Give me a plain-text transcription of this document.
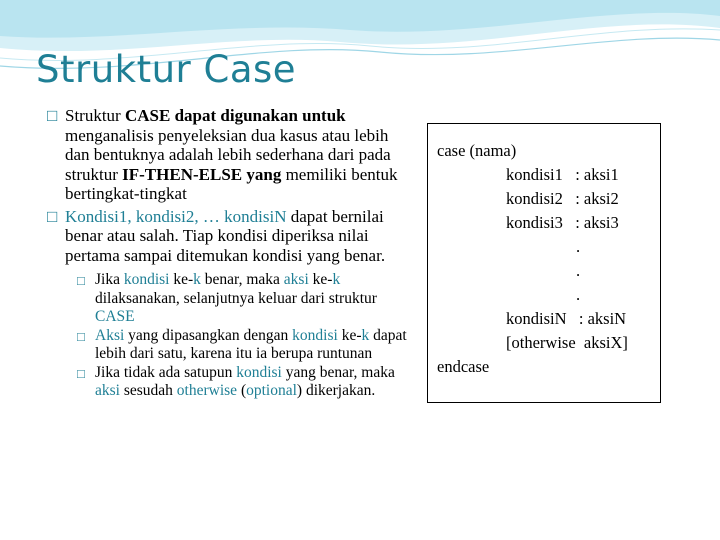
Struktur Case
□ Struktur CASE dapat digunakan untuk menganalisis penyeleksian dua kasus atau lebih dan bentuknya adalah lebih sederhana dari pada struktur IF-THEN-ELSE yang memiliki bentuk bertingkat-tingkat
□ Kondisi1, kondisi2, … kondisiN dapat bernilai benar atau salah. Tiap kondisi diperiksa nilai pertama sampai ditemukan kondisi yang benar.
□ Jika kondisi ke-k benar, maka aksi ke-k dilaksanakan, selanjutnya keluar dari struktur CASE
□ Aksi yang dipasangkan dengan kondisi ke-k dapat lebih dari satu, karena itu ia berupa runtunan
□ Jika tidak ada satupun kondisi yang benar, maka aksi sesudah otherwise (optional) dikerjakan.
case (nama)
kondisi1   : aksi1
kondisi2   : aksi2
kondisi3   : aksi3
.
.
.
kondisiN   : aksiN
[otherwise  aksiX]
endcase
